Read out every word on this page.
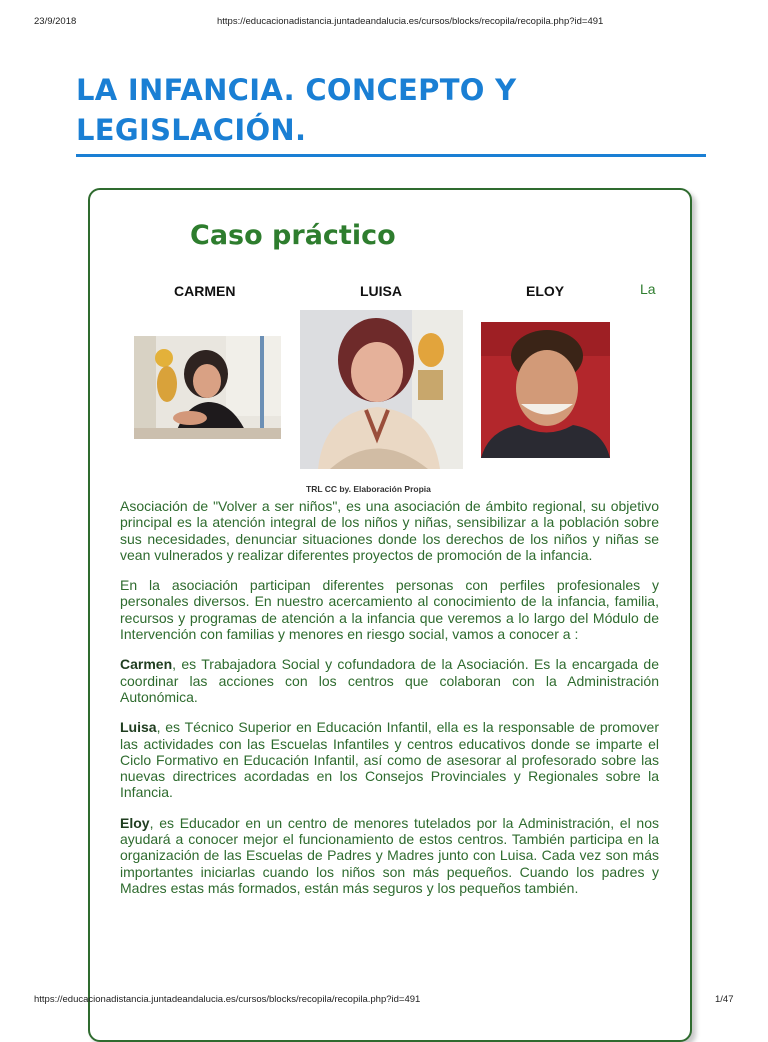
23/9/2018	https://educacionadistancia.juntadeandalucia.es/cursos/blocks/recopila/recopila.php?id=491
LA INFANCIA. CONCEPTO Y LEGISLACIÓN.
Caso práctico
CARMEN	LUISA	ELOY	La
TRL CC by. Elaboración Propia

Asociación de "Volver a ser niños", es una asociación de ámbito regional, su objetivo principal es la atención integral de los niños y niñas, sensibilizar a la población sobre sus necesidades, denunciar situaciones donde los derechos de los niños y niñas se vean vulnerados y realizar diferentes proyectos de promoción de la infancia.

En la asociación participan diferentes personas con perfiles profesionales y personales diversos. En nuestro acercamiento al conocimiento de la infancia, familia, recursos y programas de atención a la infancia que veremos a lo largo del Módulo de Intervención con familias y menores en riesgo social, vamos a conocer a :

Carmen, es Trabajadora Social y cofundadora de la Asociación. Es la encargada de coordinar las acciones con los centros que colaboran con la Administración Autonómica.

Luisa, es Técnico Superior en Educación Infantil, ella es la responsable de promover las actividades con las Escuelas Infantiles y centros educativos donde se imparte el Ciclo Formativo en Educación Infantil, así como de asesorar al profesorado sobre las nuevas directrices acordadas en los Consejos Provinciales y Regionales sobre la Infancia.

Eloy, es Educador en un centro de menores tutelados por la Administración, el nos ayudará a conocer mejor el funcionamiento de estos centros. También participa en la organización de las Escuelas de Padres y Madres junto con Luisa. Cada vez son más importantes iniciarlas cuando los niños son más pequeños. Cuando los padres y Madres estas más formados, están más seguros y los pequeños también.

https://educacionadistancia.juntadeandalucia.es/cursos/blocks/recopila/recopila.php?id=491	1/47
